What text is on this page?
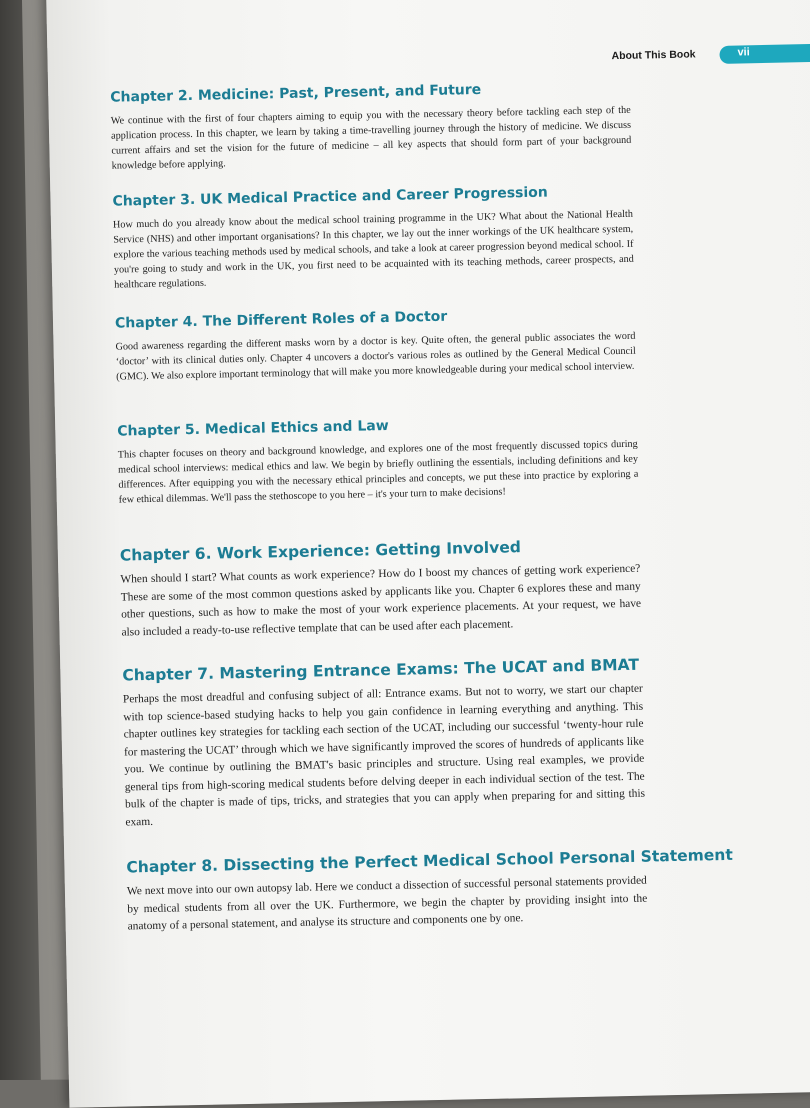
About This Book	vii
Chapter 2. Medicine: Past, Present, and Future

We continue with the first of four chapters aiming to equip you with the necessary theory before tackling each step of the application process. In this chapter, we learn by taking a time-travelling journey through the history of medicine. We discuss current affairs and set the vision for the future of medicine – all key aspects that should form part of your background knowledge before applying.

Chapter 3. UK Medical Practice and Career Progression

How much do you already know about the medical school training programme in the UK? What about the National Health Service (NHS) and other important organisations? In this chapter, we lay out the inner workings of the UK healthcare system, explore the various teaching methods used by medical schools, and take a look at career progression beyond medical school. If you're going to study and work in the UK, you first need to be acquainted with its teaching methods, career prospects, and healthcare regulations.

Chapter 4. The Different Roles of a Doctor

Good awareness regarding the different masks worn by a doctor is key. Quite often, the general public associates the word ‘doctor’ with its clinical duties only. Chapter 4 uncovers a doctor's various roles as outlined by the General Medical Council (GMC). We also explore important terminology that will make you more knowledgeable during your medical school interview.

Chapter 5. Medical Ethics and Law

This chapter focuses on theory and background knowledge, and explores one of the most frequently discussed topics during medical school interviews: medical ethics and law. We begin by briefly outlining the essentials, including definitions and key differences. After equipping you with the necessary ethical principles and concepts, we put these into practice by exploring a few ethical dilemmas. We'll pass the stethoscope to you here – it's your turn to make decisions!

Chapter 6. Work Experience: Getting Involved

When should I start? What counts as work experience? How do I boost my chances of getting work experience? These are some of the most common questions asked by applicants like you. Chapter 6 explores these and many other questions, such as how to make the most of your work experience placements. At your request, we have also included a ready-to-use reflective template that can be used after each placement.

Chapter 7. Mastering Entrance Exams: The UCAT and BMAT

Perhaps the most dreadful and confusing subject of all: Entrance exams. But not to worry, we start our chapter with top science-based studying hacks to help you gain confidence in learning everything and anything. This chapter outlines key strategies for tackling each section of the UCAT, including our successful ‘twenty-hour rule for mastering the UCAT’ through which we have significantly improved the scores of hundreds of applicants like you. We continue by outlining the BMAT's basic principles and structure. Using real examples, we provide general tips from high-scoring medical students before delving deeper in each individual section of the test. The bulk of the chapter is made of tips, tricks, and strategies that you can apply when preparing for and sitting this exam.

Chapter 8. Dissecting the Perfect Medical School Personal Statement

We next move into our own autopsy lab. Here we conduct a dissection of successful personal statements provided by medical students from all over the UK. Furthermore, we begin the chapter by providing insight into the anatomy of a personal statement, and analyse its structure and components one by one.
